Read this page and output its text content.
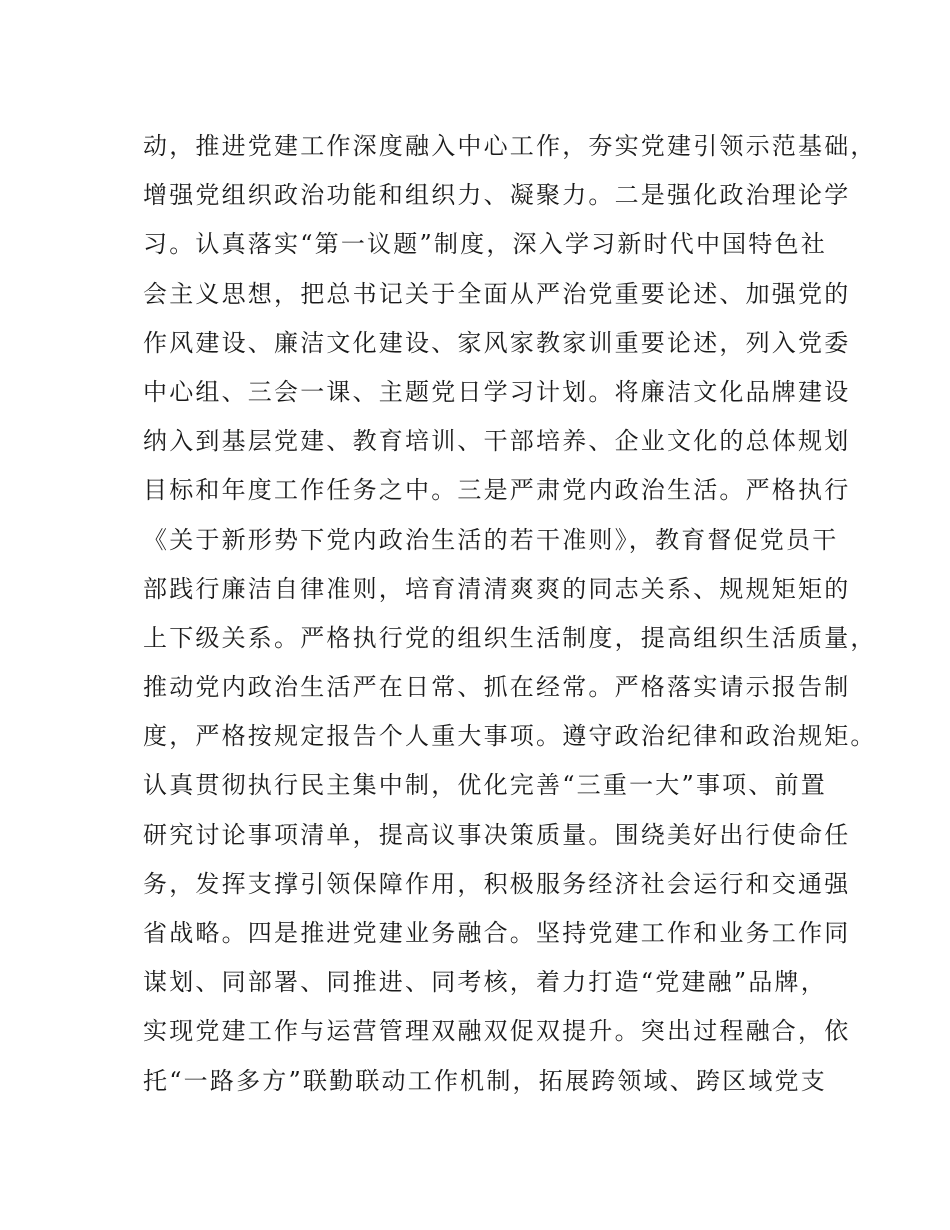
动，推进党建工作深度融入中心工作，夯实党建引领示范基础，
增强党组织政治功能和组织力、凝聚力。二是强化政治理论学
习。认真落实“第一议题”制度，深入学习新时代中国特色社
会主义思想，把总书记关于全面从严治党重要论述、加强党的
作风建设、廉洁文化建设、家风家教家训重要论述，列入党委
中心组、三会一课、主题党日学习计划。将廉洁文化品牌建设
纳入到基层党建、教育培训、干部培养、企业文化的总体规划
目标和年度工作任务之中。三是严肃党内政治生活。严格执行
《关于新形势下党内政治生活的若干准则》，教育督促党员干
部践行廉洁自律准则，培育清清爽爽的同志关系、规规矩矩的
上下级关系。严格执行党的组织生活制度，提高组织生活质量，
推动党内政治生活严在日常、抓在经常。严格落实请示报告制
度，严格按规定报告个人重大事项。遵守政治纪律和政治规矩。
认真贯彻执行民主集中制，优化完善“三重一大”事项、前置
研究讨论事项清单，提高议事决策质量。围绕美好出行使命任
务，发挥支撑引领保障作用，积极服务经济社会运行和交通强
省战略。四是推进党建业务融合。坚持党建工作和业务工作同
谋划、同部署、同推进、同考核，着力打造“党建融”品牌，
实现党建工作与运营管理双融双促双提升。突出过程融合，依
托“一路多方”联勤联动工作机制，拓展跨领域、跨区域党支
